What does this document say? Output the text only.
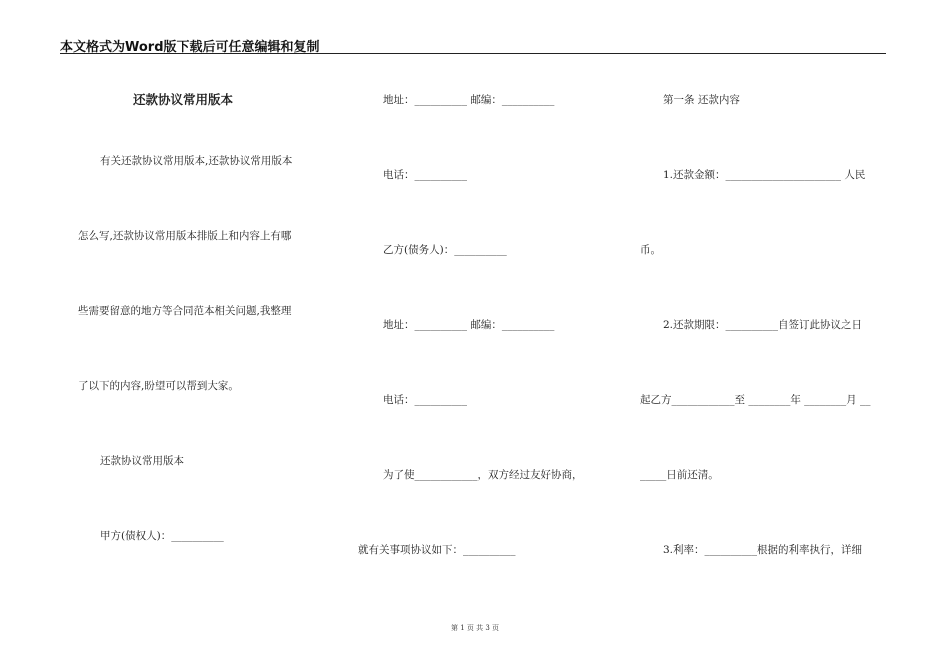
本文格式为Word版下载后可任意编辑和复制
还款协议常用版本
有关还款协议常用版本,还款协议常用版本
怎么写,还款协议常用版本排版上和内容上有哪
些需要留意的地方等合同范本相关问题,我整理
了以下的内容,盼望可以帮到大家。
还款协议常用版本
甲方(债权人)：__________
地址：__________ 邮编：__________
电话：__________
乙方(债务人)：__________
地址：__________ 邮编：__________
电话：__________
为了使____________，双方经过友好协商，
就有关事项协议如下：__________
第一条 还款内容
1.还款金额：______________________ 人民
币。
2.还款期限：__________自签订此协议之日
起乙方____________至 ________年 ________月 __
_____日前还清。
3.利率：__________根据的利率执行，详细
第 1 页 共 3 页
